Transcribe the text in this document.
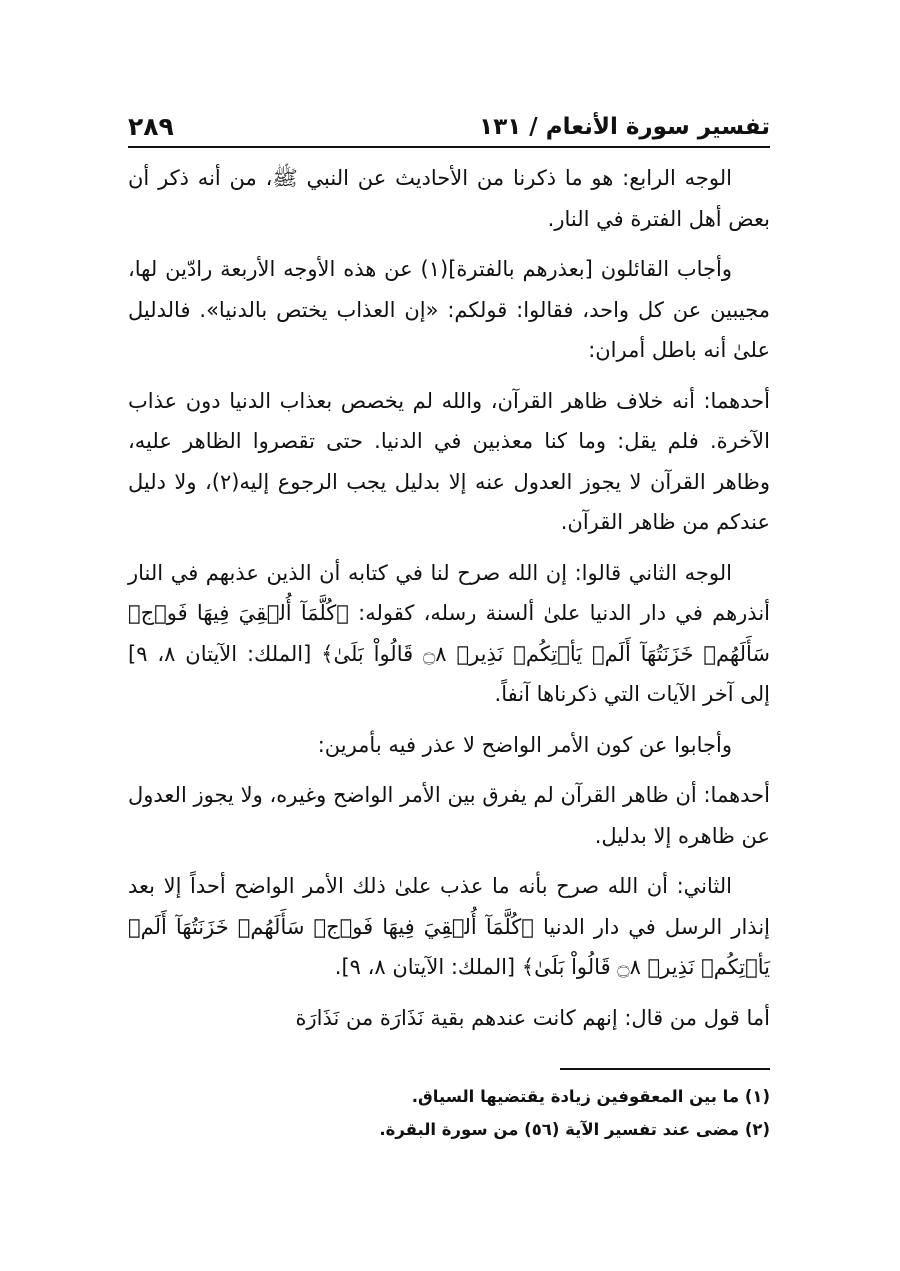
تفسير سورة الأنعام / ١٣١
٢٨٩

الوجه الرابع: هو ما ذكرنا من الأحاديث عن النبي ﷺ، من أنه ذكر أن بعض أهل الفترة في النار.

وأجاب القائلون [بعذرهم بالفترة](١) عن هذه الأوجه الأربعة رادّين لها، مجيبين عن كل واحد، فقالوا: قولكم: «إن العذاب يختص بالدنيا». فالدليل علىٰ أنه باطل أمران:

أحدهما: أنه خلاف ظاهر القرآن، والله لم يخصص بعذاب الدنيا دون عذاب الآخرة. فلم يقل: وما كنا معذبين في الدنيا. حتى تقصروا الظاهر عليه، وظاهر القرآن لا يجوز العدول عنه إلا بدليل يجب الرجوع إليه(٢)، ولا دليل عندكم من ظاهر القرآن.

الوجه الثاني قالوا: إن الله صرح لنا في كتابه أن الذين عذبهم في النار أنذرهم في دار الدنيا علىٰ ألسنة رسله، كقوله: ﴿كُلَّمَآ أُلۡقِيَ فِيهَا فَوۡجٞ سَأَلَهُمۡ خَزَنَتُهَآ أَلَمۡ يَأۡتِكُمۡ نَذِيرٞ ۝٨ قَالُواْ بَلَىٰ﴾ [الملك: الآيتان ٨، ٩] إلى آخر الآيات التي ذكرناها آنفاً.

وأجابوا عن كون الأمر الواضح لا عذر فيه بأمرين:

أحدهما: أن ظاهر القرآن لم يفرق بين الأمر الواضح وغيره، ولا يجوز العدول عن ظاهره إلا بدليل.

الثاني: أن الله صرح بأنه ما عذب علىٰ ذلك الأمر الواضح أحداً إلا بعد إنذار الرسل في دار الدنيا ﴿كُلَّمَآ أُلۡقِيَ فِيهَا فَوۡجٞ سَأَلَهُمۡ خَزَنَتُهَآ أَلَمۡ يَأۡتِكُمۡ نَذِيرٞ ۝٨ قَالُواْ بَلَىٰ﴾ [الملك: الآيتان ٨، ٩].

أما قول من قال: إنهم كانت عندهم بقية نَذَارَة من نَذَارَة

(١) ما بين المعقوفين زيادة يقتضيها السياق.
(٢) مضى عند تفسير الآية (٥٦) من سورة البقرة.
